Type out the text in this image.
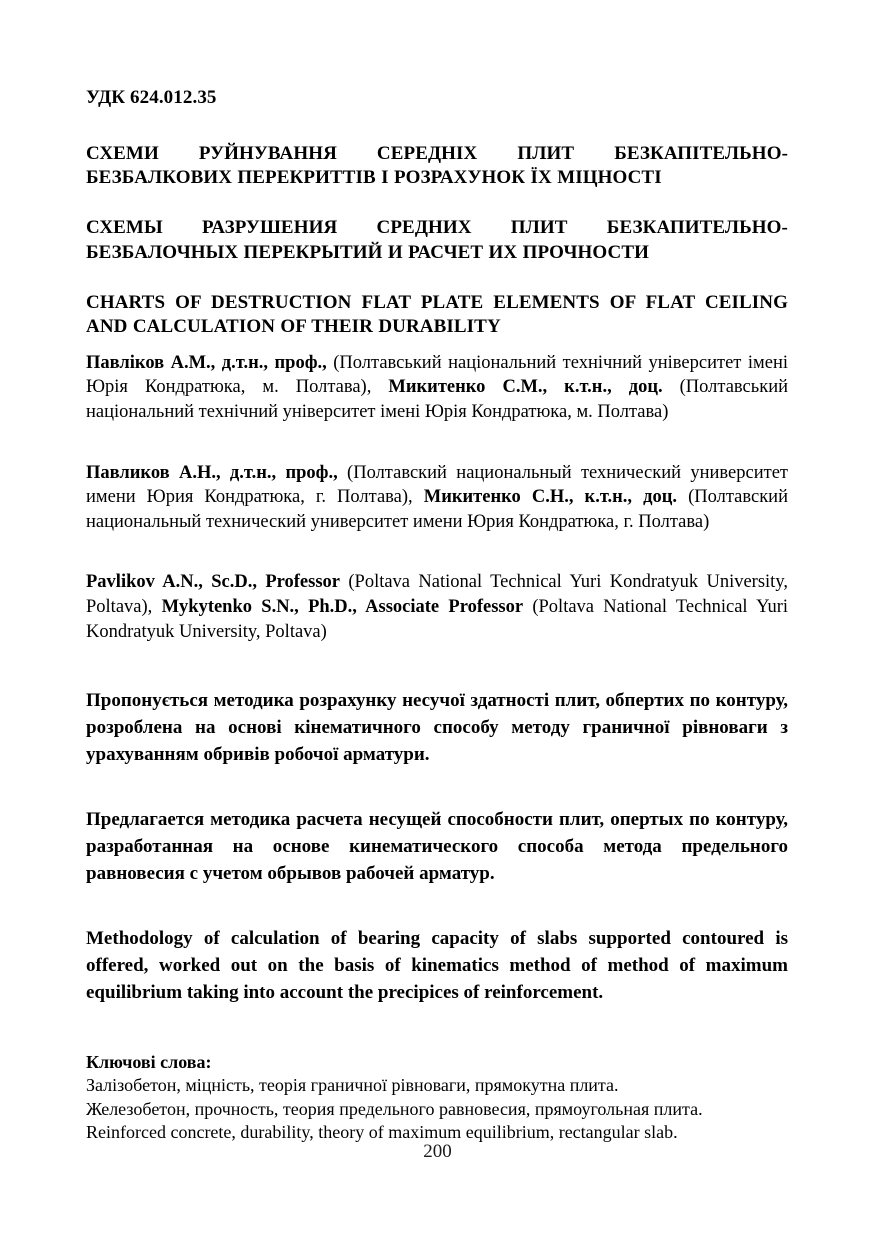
УДК 624.012.35

СХЕМИ РУЙНУВАННЯ СЕРЕДНІХ ПЛИТ БЕЗКАПІТЕЛЬНО-БЕЗБАЛКОВИХ ПЕРЕКРИТТІВ І РОЗРАХУНОК ЇХ МІЦНОСТІ
СХЕМЫ РАЗРУШЕНИЯ СРЕДНИХ ПЛИТ БЕЗКАПИТЕЛЬНО-БЕЗБАЛОЧНЫХ ПЕРЕКРЫТИЙ И РАСЧЕТ ИХ ПРОЧНОСТИ
CHARTS OF DESTRUCTION FLAT PLATE ELEMENTS OF FLAT CEILING AND CALCULATION OF THEIR DURABILITY

Павліков А.М., д.т.н., проф., (Полтавський національний технічний університет імені Юрія Кондратюка, м. Полтава), Микитенко С.М., к.т.н., доц. (Полтавський національний технічний університет імені Юрія Кондратюка, м. Полтава)

Павликов А.Н., д.т.н., проф., (Полтавский национальный технический университет имени Юрия Кондратюка, г. Полтава), Микитенко С.Н., к.т.н., доц. (Полтавский национальный технический университет имени Юрия Кондратюка, г. Полтава)

Pavlikov A.N., Sc.D., Professor (Poltava National Technical Yuri Kondratyuk University, Poltava), Mykytenko S.N., Ph.D., Associate Professor (Poltava National Technical Yuri Kondratyuk University, Poltava)

Пропонується методика розрахунку несучої здатності плит, обпертих по контуру, розроблена на основі кінематичного способу методу граничної рівноваги з урахуванням обривів робочої арматури.

Предлагается методика расчета несущей способности плит, опертых по контуру, разработанная на основе кинематического способа метода предельного равновесия с учетом обрывов рабочей арматур.

Methodology of calculation of bearing capacity of slabs supported contoured is offered, worked out on the basis of kinematics method of method of maximum equilibrium taking into account the precipices of reinforcement.

Ключові слова:

Залізобетон, міцність, теорія граничної рівноваги, прямокутна плита.

Железобетон, прочность, теория предельного равновесия, прямоугольная плита.

Reinforced concrete, durability, theory of maximum equilibrium, rectangular slab.

200
